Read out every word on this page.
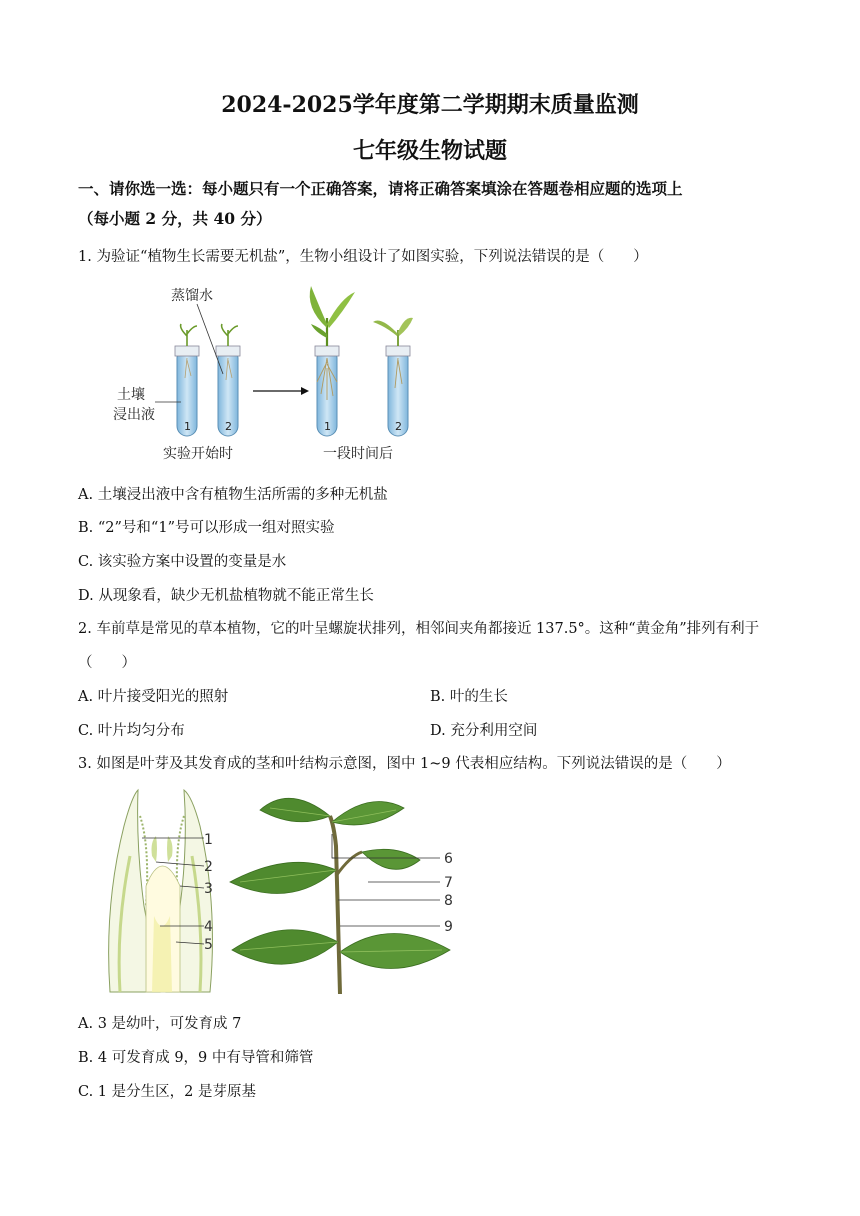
2024-2025学年度第二学期期末质量监测
七年级生物试题
一、请你选一选：每小题只有一个正确答案，请将正确答案填涂在答题卷相应题的选项上
（每小题 2 分，共 40 分）
1. 为验证“植物生长需要无机盐”，生物小组设计了如图实验，下列说法错误的是（　　）
蒸馏水
土壤
浸出液
1	2	1	2
实验开始时	一段时间后
A. 土壤浸出液中含有植物生活所需的多种无机盐
B. “2”号和“1”号可以形成一组对照实验
C. 该实验方案中设置的变量是水
D. 从现象看，缺少无机盐植物就不能正常生长
2. 车前草是常见的草本植物，它的叶呈螺旋状排列，相邻间夹角都接近 137.5°。这种“黄金角”排列有利于
（　　）
A. 叶片接受阳光的照射	B. 叶的生长
C. 叶片均匀分布	D. 充分利用空间
3. 如图是叶芽及其发育成的茎和叶结构示意图，图中 1~9 代表相应结构。下列说法错误的是（　　）
1
2
3
4
5
6
7
8
9
A. 3 是幼叶，可发育成 7
B. 4 可发育成 9，9 中有导管和筛管
C. 1 是分生区，2 是芽原基
